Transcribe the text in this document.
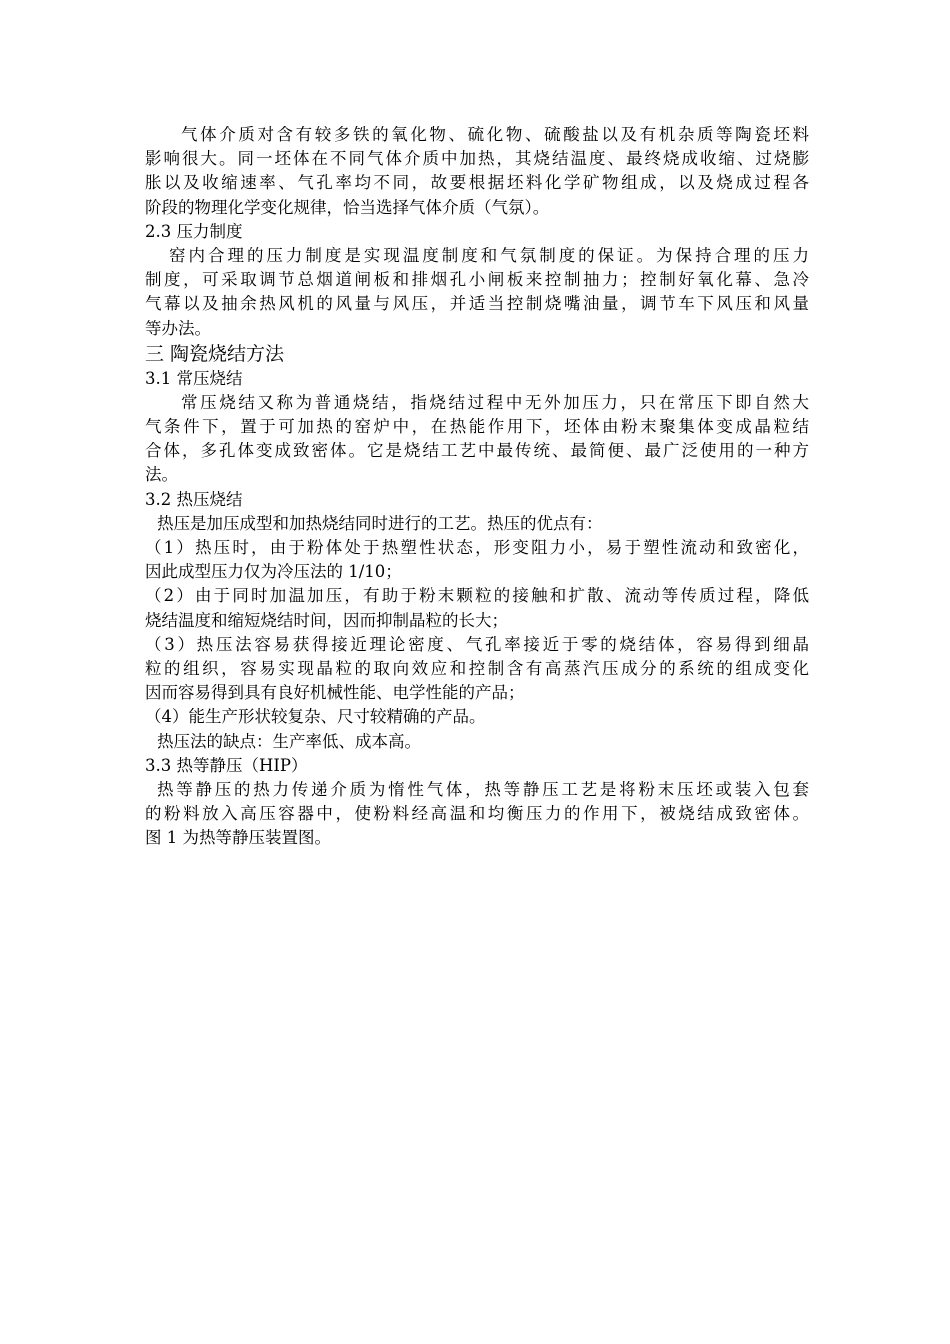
气体介质对含有较多铁的氧化物、硫化物、硫酸盐以及有机杂质等陶瓷坯料
影响很大。同一坯体在不同气体介质中加热，其烧结温度、最终烧成收缩、过烧膨
胀以及收缩速率、气孔率均不同，故要根据坯料化学矿物组成，以及烧成过程各
阶段的物理化学变化规律，恰当选择气体介质（气氛）。
2.3 压力制度
窑内合理的压力制度是实现温度制度和气氛制度的保证。为保持合理的压力
制度，可采取调节总烟道闸板和排烟孔小闸板来控制抽力；控制好氧化幕、急冷
气幕以及抽余热风机的风量与风压，并适当控制烧嘴油量，调节车下风压和风量
等办法。
三 陶瓷烧结方法
3.1 常压烧结
常压烧结又称为普通烧结，指烧结过程中无外加压力，只在常压下即自然大
气条件下，置于可加热的窑炉中，在热能作用下，坯体由粉末聚集体变成晶粒结
合体，多孔体变成致密体。它是烧结工艺中最传统、最简便、最广泛使用的一种方
法。
3.2 热压烧结
热压是加压成型和加热烧结同时进行的工艺。热压的优点有：
（1）热压时，由于粉体处于热塑性状态，形变阻力小，易于塑性流动和致密化，
因此成型压力仅为冷压法的 1/10；
（2）由于同时加温加压，有助于粉末颗粒的接触和扩散、流动等传质过程，降低
烧结温度和缩短烧结时间，因而抑制晶粒的长大；
（3）热压法容易获得接近理论密度、气孔率接近于零的烧结体，容易得到细晶
粒的组织，容易实现晶粒的取向效应和控制含有高蒸汽压成分的系统的组成变化
因而容易得到具有良好机械性能、电学性能的产品；
（4）能生产形状较复杂、尺寸较精确的产品。
热压法的缺点：生产率低、成本高。
3.3 热等静压（HIP）
热等静压的热力传递介质为惰性气体，热等静压工艺是将粉末压坯或装入包套
的粉料放入高压容器中，使粉料经高温和均衡压力的作用下，被烧结成致密体。
图 1 为热等静压装置图。
